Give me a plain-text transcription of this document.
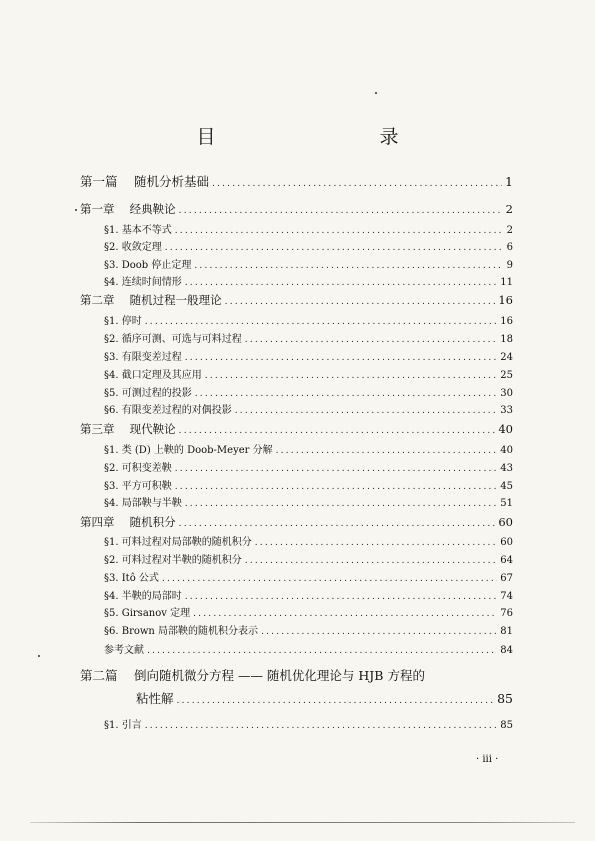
目　　录
第一篇　 随机分析基础 .....	1
第一章　 经典鞅论 .....	2
§1. 基本不等式 .....	2
§2. 收敛定理 .....	6
§3. Doob 停止定理 .....	9
§4. 连续时间情形 .....	11
第二章　 随机过程一般理论 .....	16
§1. 停时 .....	16
§2. 循序可测、可选与可料过程 .....	18
§3. 有限变差过程 .....	24
§4. 截口定理及其应用 .....	25
§5. 可测过程的投影 .....	30
§6. 有限变差过程的对偶投影 .....	33
第三章　 现代鞅论 .....	40
§1. 类 (D) 上鞅的 Doob-Meyer 分解 .....	40
§2. 可积变差鞅 .....	43
§3. 平方可积鞅 .....	45
§4. 局部鞅与半鞅 .....	51
第四章　 随机积分 .....	60
§1. 可料过程对局部鞅的随机积分 .....	60
§2. 可料过程对半鞅的随机积分 .....	64
§3. Itô 公式 .....	67
§4. 半鞅的局部时 .....	74
§5. Girsanov 定理 .....	76
§6. Brown 局部鞅的随机积分表示 .....	81
参考文献 .....	84
第二篇　 倒向随机微分方程 —— 随机优化理论与 HJB 方程的
粘性解 .....	85
§1. 引言 .....	85
· iii ·
